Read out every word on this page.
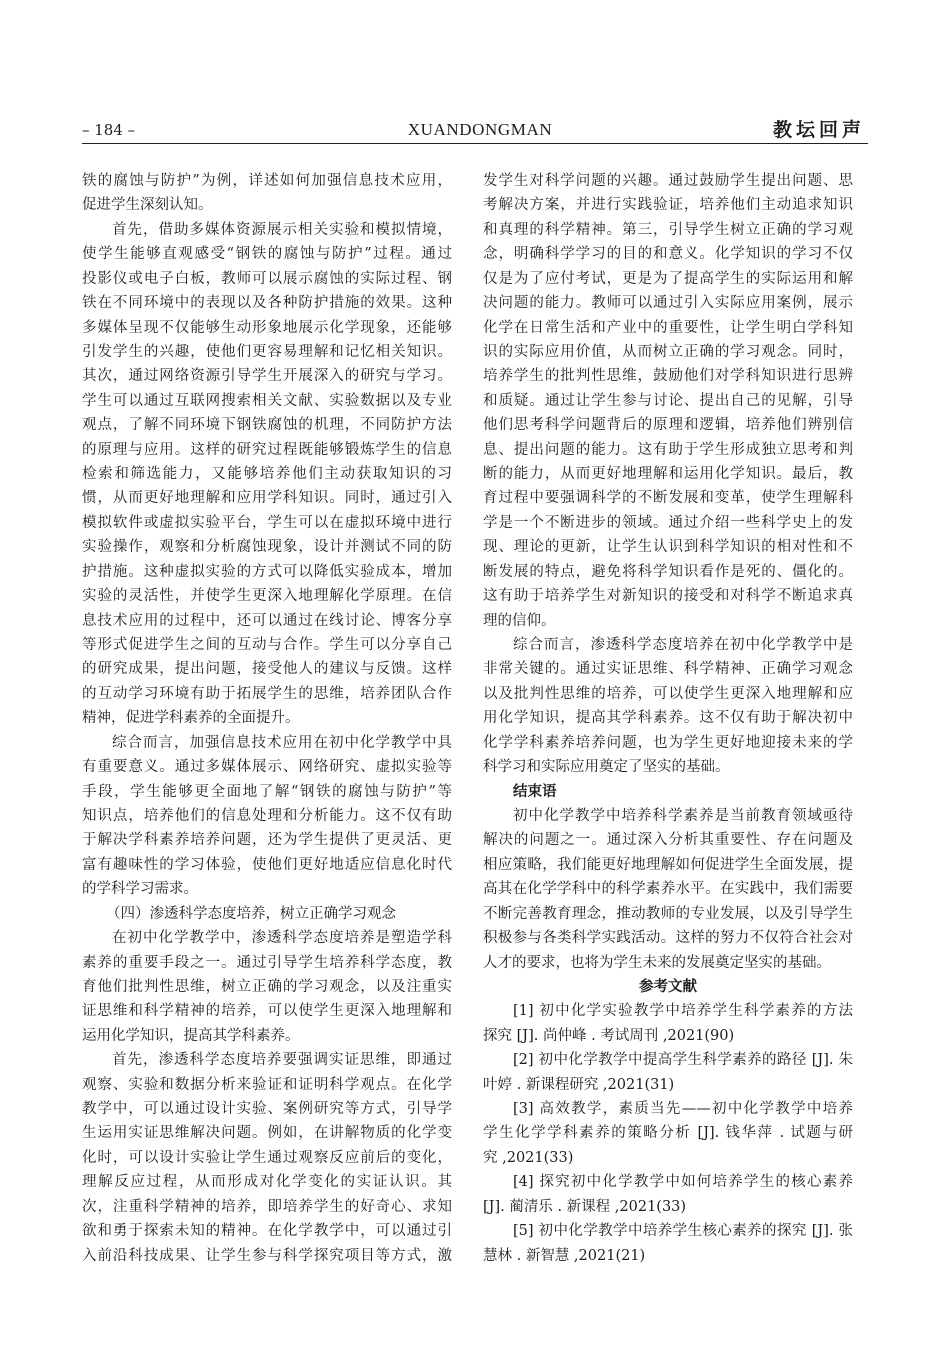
– 184 –	XUANDONGMAN	教坛回声
铁的腐蚀与防护”为例，详述如何加强信息技术应用，
促进学生深刻认知。
首先，借助多媒体资源展示相关实验和模拟情境，
使学生能够直观感受“钢铁的腐蚀与防护”过程。通过
投影仪或电子白板，教师可以展示腐蚀的实际过程、钢
铁在不同环境中的表现以及各种防护措施的效果。这种
多媒体呈现不仅能够生动形象地展示化学现象，还能够
引发学生的兴趣，使他们更容易理解和记忆相关知识。
其次，通过网络资源引导学生开展深入的研究与学习。
学生可以通过互联网搜索相关文献、实验数据以及专业
观点，了解不同环境下钢铁腐蚀的机理，不同防护方法
的原理与应用。这样的研究过程既能够锻炼学生的信息
检索和筛选能力，又能够培养他们主动获取知识的习
惯，从而更好地理解和应用学科知识。同时，通过引入
模拟软件或虚拟实验平台，学生可以在虚拟环境中进行
实验操作，观察和分析腐蚀现象，设计并测试不同的防
护措施。这种虚拟实验的方式可以降低实验成本，增加
实验的灵活性，并使学生更深入地理解化学原理。在信
息技术应用的过程中，还可以通过在线讨论、博客分享
等形式促进学生之间的互动与合作。学生可以分享自己
的研究成果，提出问题，接受他人的建议与反馈。这样
的互动学习环境有助于拓展学生的思维，培养团队合作
精神，促进学科素养的全面提升。
综合而言，加强信息技术应用在初中化学教学中具
有重要意义。通过多媒体展示、网络研究、虚拟实验等
手段，学生能够更全面地了解“钢铁的腐蚀与防护”等
知识点，培养他们的信息处理和分析能力。这不仅有助
于解决学科素养培养问题，还为学生提供了更灵活、更
富有趣味性的学习体验，使他们更好地适应信息化时代
的学科学习需求。
（四）渗透科学态度培养，树立正确学习观念
在初中化学教学中，渗透科学态度培养是塑造学科
素养的重要手段之一。通过引导学生培养科学态度，教
育他们批判性思维，树立正确的学习观念，以及注重实
证思维和科学精神的培养，可以使学生更深入地理解和
运用化学知识，提高其学科素养。
首先，渗透科学态度培养要强调实证思维，即通过
观察、实验和数据分析来验证和证明科学观点。在化学
教学中，可以通过设计实验、案例研究等方式，引导学
生运用实证思维解决问题。例如，在讲解物质的化学变
化时，可以设计实验让学生通过观察反应前后的变化，
理解反应过程，从而形成对化学变化的实证认识。其
次，注重科学精神的培养，即培养学生的好奇心、求知
欲和勇于探索未知的精神。在化学教学中，可以通过引
入前沿科技成果、让学生参与科学探究项目等方式，激
发学生对科学问题的兴趣。通过鼓励学生提出问题、思
考解决方案，并进行实践验证，培养他们主动追求知识
和真理的科学精神。第三，引导学生树立正确的学习观
念，明确科学学习的目的和意义。化学知识的学习不仅
仅是为了应付考试，更是为了提高学生的实际运用和解
决问题的能力。教师可以通过引入实际应用案例，展示
化学在日常生活和产业中的重要性，让学生明白学科知
识的实际应用价值，从而树立正确的学习观念。同时，
培养学生的批判性思维，鼓励他们对学科知识进行思辨
和质疑。通过让学生参与讨论、提出自己的见解，引导
他们思考科学问题背后的原理和逻辑，培养他们辨别信
息、提出问题的能力。这有助于学生形成独立思考和判
断的能力，从而更好地理解和运用化学知识。最后，教
育过程中要强调科学的不断发展和变革，使学生理解科
学是一个不断进步的领域。通过介绍一些科学史上的发
现、理论的更新，让学生认识到科学知识的相对性和不
断发展的特点，避免将科学知识看作是死的、僵化的。
这有助于培养学生对新知识的接受和对科学不断追求真
理的信仰。
综合而言，渗透科学态度培养在初中化学教学中是
非常关键的。通过实证思维、科学精神、正确学习观念
以及批判性思维的培养，可以使学生更深入地理解和应
用化学知识，提高其学科素养。这不仅有助于解决初中
化学学科素养培养问题，也为学生更好地迎接未来的学
科学习和实际应用奠定了坚实的基础。
结束语
初中化学教学中培养科学素养是当前教育领域亟待
解决的问题之一。通过深入分析其重要性、存在问题及
相应策略，我们能更好地理解如何促进学生全面发展，提
高其在化学学科中的科学素养水平。在实践中，我们需要
不断完善教育理念，推动教师的专业发展，以及引导学生
积极参与各类科学实践活动。这样的努力不仅符合社会对
人才的要求，也将为学生未来的发展奠定坚实的基础。
参考文献
[1] 初中化学实验教学中培养学生科学素养的方法
探究 [J]. 尚仲峰 . 考试周刊 ,2021(90)
[2] 初中化学教学中提高学生科学素养的路径 [J]. 朱
叶婷 . 新课程研究 ,2021(31)
[3] 高效教学，素质当先——初中化学教学中培养
学生化学学科素养的策略分析 [J]. 钱华萍 . 试题与研
究 ,2021(33)
[4] 探究初中化学教学中如何培养学生的核心素养
[J]. 蔺清乐 . 新课程 ,2021(33)
[5] 初中化学教学中培养学生核心素养的探究 [J]. 张
慧林 . 新智慧 ,2021(21)
